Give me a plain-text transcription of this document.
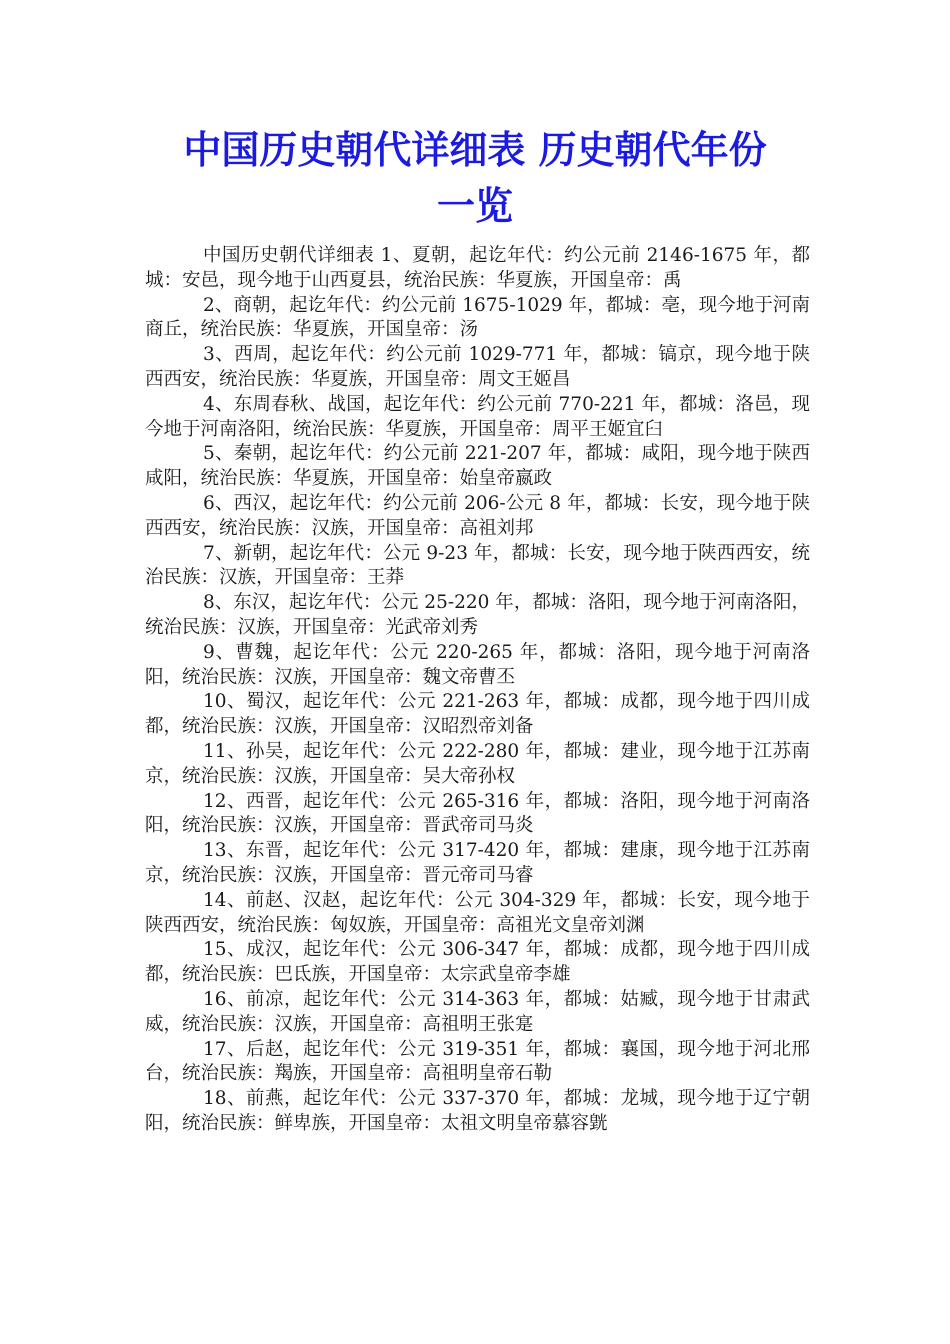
中国历史朝代详细表 历史朝代年份
一览

中国历史朝代详细表 1、夏朝，起讫年代：约公元前 2146-1675 年，都城：安邑，现今地于山西夏县，统治民族：华夏族，开国皇帝：禹

2、商朝，起讫年代：约公元前 1675-1029 年，都城：亳，现今地于河南商丘，统治民族：华夏族，开国皇帝：汤

3、西周，起讫年代：约公元前 1029-771 年，都城：镐京，现今地于陕西西安，统治民族：华夏族，开国皇帝：周文王姬昌

4、东周春秋、战国，起讫年代：约公元前 770-221 年，都城：洛邑，现今地于河南洛阳，统治民族：华夏族，开国皇帝：周平王姬宜臼

5、秦朝，起讫年代：约公元前 221-207 年，都城：咸阳，现今地于陕西咸阳，统治民族：华夏族，开国皇帝：始皇帝嬴政

6、西汉，起讫年代：约公元前 206-公元 8 年，都城：长安，现今地于陕西西安，统治民族：汉族，开国皇帝：高祖刘邦

7、新朝，起讫年代：公元 9-23 年，都城：长安，现今地于陕西西安，统治民族：汉族，开国皇帝：王莽

8、东汉，起讫年代：公元 25-220 年，都城：洛阳，现今地于河南洛阳，统治民族：汉族，开国皇帝：光武帝刘秀

9、曹魏，起讫年代：公元 220-265 年，都城：洛阳，现今地于河南洛阳，统治民族：汉族，开国皇帝：魏文帝曹丕

10、蜀汉，起讫年代：公元 221-263 年，都城：成都，现今地于四川成都，统治民族：汉族，开国皇帝：汉昭烈帝刘备

11、孙吴，起讫年代：公元 222-280 年，都城：建业，现今地于江苏南京，统治民族：汉族，开国皇帝：吴大帝孙权

12、西晋，起讫年代：公元 265-316 年，都城：洛阳，现今地于河南洛阳，统治民族：汉族，开国皇帝：晋武帝司马炎

13、东晋，起讫年代：公元 317-420 年，都城：建康，现今地于江苏南京，统治民族：汉族，开国皇帝：晋元帝司马睿

14、前赵、汉赵，起讫年代：公元 304-329 年，都城：长安，现今地于陕西西安，统治民族：匈奴族，开国皇帝：高祖光文皇帝刘渊

15、成汉，起讫年代：公元 306-347 年，都城：成都，现今地于四川成都，统治民族：巴氐族，开国皇帝：太宗武皇帝李雄

16、前凉，起讫年代：公元 314-363 年，都城：姑臧，现今地于甘肃武威，统治民族：汉族，开国皇帝：高祖明王张寔

17、后赵，起讫年代：公元 319-351 年，都城：襄国，现今地于河北邢台，统治民族：羯族，开国皇帝：高祖明皇帝石勒

18、前燕，起讫年代：公元 337-370 年，都城：龙城，现今地于辽宁朝阳，统治民族：鲜卑族，开国皇帝：太祖文明皇帝慕容皝
